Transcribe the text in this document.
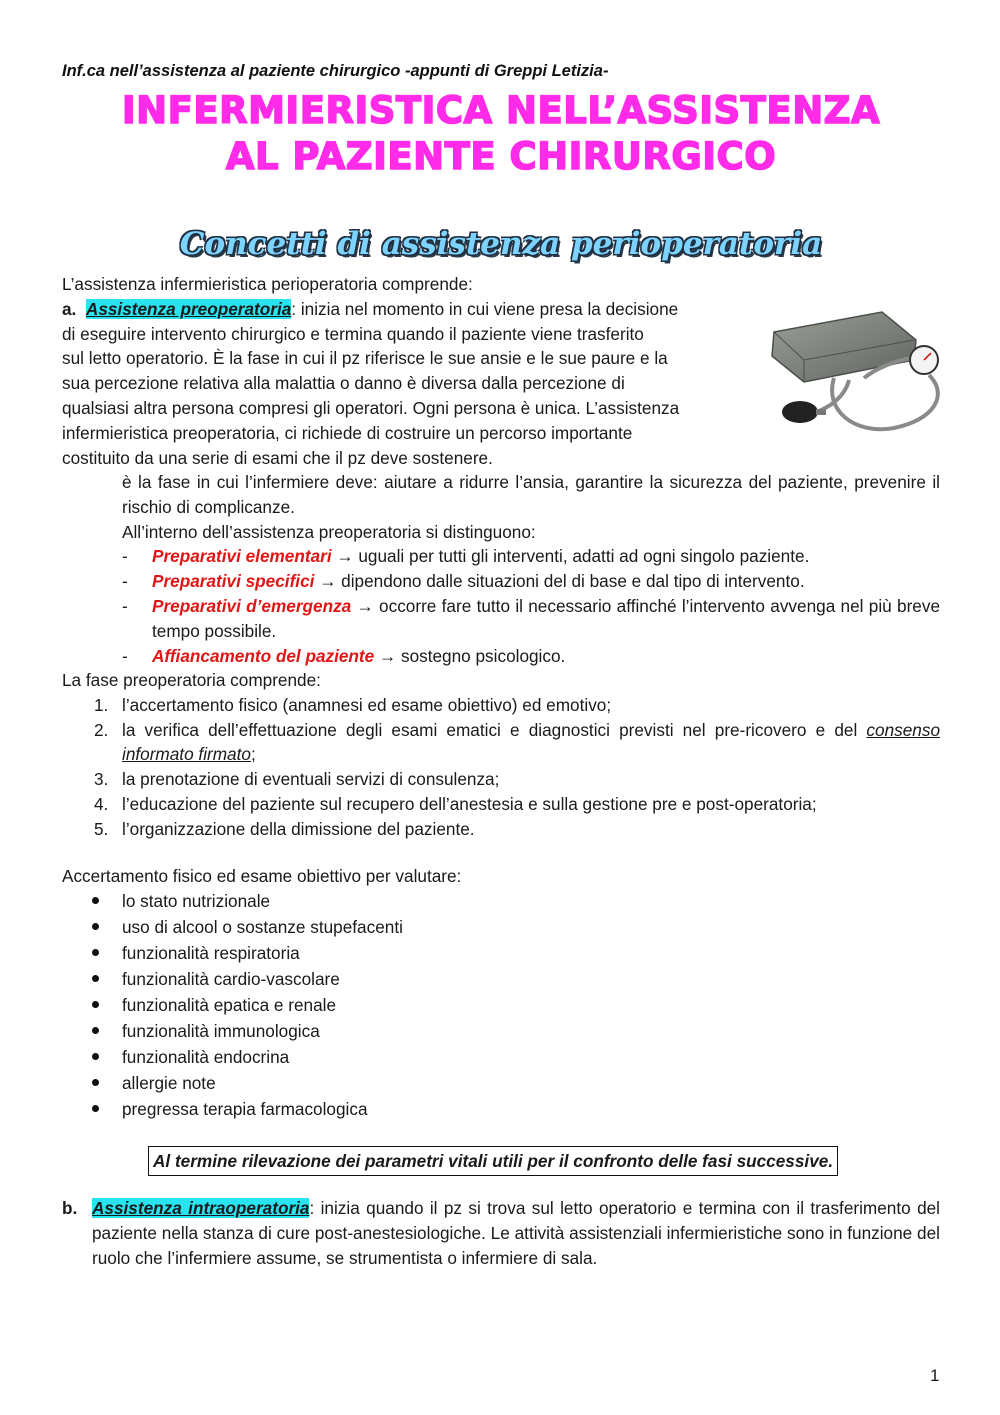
Inf.ca nell’assistenza al paziente chirurgico -appunti di Greppi Letizia-
INFERMIERISTICA NELL’ASSISTENZA
AL PAZIENTE CHIRURGICO
Concetti di assistenza perioperatoria
L’assistenza infermieristica perioperatoria comprende:
a. Assistenza preoperatoria: inizia nel momento in cui viene presa la decisione
di eseguire intervento chirurgico e termina quando il paziente viene trasferito
sul letto operatorio. È la fase in cui il pz riferisce le sue ansie e le sue paure e la
sua percezione relativa alla malattia o danno è diversa dalla percezione di
qualsiasi altra persona compresi gli operatori. Ogni persona è unica. L’assistenza
infermieristica preoperatoria, ci richiede di costruire un percorso importante
costituito da una serie di esami che il pz deve sostenere.
è la fase in cui l’infermiere deve: aiutare a ridurre l’ansia, garantire la sicurezza del paziente, prevenire il rischio di complicanze.
All’interno dell’assistenza preoperatoria si distinguono:
-	Preparativi elementari → uguali per tutti gli interventi, adatti ad ogni singolo paziente.
-	Preparativi specifici → dipendono dalle situazioni del di base e dal tipo di intervento.
-	Preparativi d’emergenza → occorre fare tutto il necessario affinché l’intervento avvenga nel più breve tempo possibile.
-	Affiancamento del paziente → sostegno psicologico.
La fase preoperatoria comprende:
1. l’accertamento fisico (anamnesi ed esame obiettivo) ed emotivo;
2. la verifica dell’effettuazione degli esami ematici e diagnostici previsti nel pre-ricovero e del consenso informato firmato;
3. la prenotazione di eventuali servizi di consulenza;
4. l’educazione del paziente sul recupero dell’anestesia e sulla gestione pre e post-operatoria;
5. l’organizzazione della dimissione del paziente.
Accertamento fisico ed esame obiettivo per valutare:
lo stato nutrizionale
uso di alcool o sostanze stupefacenti
funzionalità respiratoria
funzionalità cardio-vascolare
funzionalità epatica e renale
funzionalità immunologica
funzionalità endocrina
allergie note
pregressa terapia farmacologica
Al termine rilevazione dei parametri vitali utili per il confronto delle fasi successive.
b. Assistenza intraoperatoria: inizia quando il pz si trova sul letto operatorio e termina con il trasferimento del paziente nella stanza di cure post-anestesiologiche. Le attività assistenziali infermieristiche sono in funzione del ruolo che l’infermiere assume, se strumentista o infermiere di sala.
1
